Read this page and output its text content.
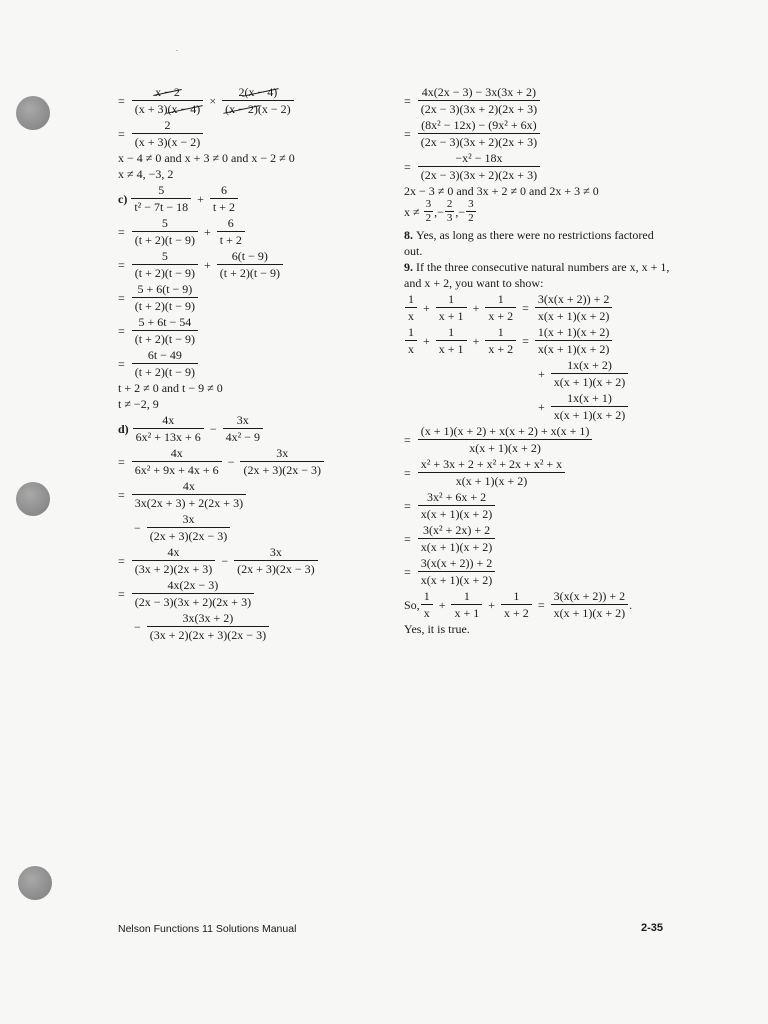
= $\frac{x - 2}{(x + 3)(x - 4)} \times \frac{2(x - 4)}{(x - 2)(x - 2)}$
= $\frac{2}{(x + 3)(x - 2)}$
x − 4 ≠ 0 and x + 3 ≠ 0 and x − 2 ≠ 0
x ≠ 4, −3, 2
c)
5
t² − 7t − 18
+ $\frac{6}{t + 2}$
= $\frac{5}{(t + 2)(t - 9)} + \frac{6}{t + 2}$
= $\frac{5}{(t + 2)(t - 9)} + \frac{6(t - 9)}{(t + 2)(t - 9)}$
= $\frac{5 + 6(t - 9)}{(t + 2)(t - 9)}$
= $\frac{5 + 6t - 54}{(t + 2)(t - 9)}$
= $\frac{6t - 49}{(t + 2)(t - 9)}$
t + 2 ≠ 0 and t − 9 ≠ 0
t ≠ −2, 9
d)
4x
6x² + 13x + 6
− $\frac{3x}{\text{4x² − 9}}$
= $\frac{4x}{\text{6x² + 9x + 4x + 6}} - \frac{3x}{(2x + 3)(2x - 3)}$
= $\frac{4x}{3x(2x + 3) + 2(2x + 3)}$
− $\frac{3x}{(2x + 3)(2x - 3)}$
= $\frac{4x}{(3x + 2)(2x + 3)} - \frac{3x}{(2x + 3)(2x - 3)}$
= $\frac{4x(2x - 3)}{(2x - 3)(3x + 2)(2x + 3)}$
− $\frac{3x(3x + 2)}{(3x + 2)(2x + 3)(2x - 3)}$
= $\frac{4x(2x - 3) - 3x(3x + 2)}{(2x - 3)(3x + 2)(2x + 3)}$
= $\frac{\text{(8x² − 12x) − (9x² + 6x)}}{(2x - 3)(3x + 2)(2x + 3)}$
= $\frac{\text{−x² − 18x}}{(2x - 3)(3x + 2)(2x + 3)}$
2x − 3 ≠ 0 and 3x + 2 ≠ 0 and 2x + 3 ≠ 0
x ≠

3
2 , − $\frac{2}{3}$ , − $\frac{3}{2}$
8. Yes, as long as there were no restrictions factored out.
9. If the three consecutive natural numbers are x, x + 1, and x + 2, you want to show:
1
x
+ $\frac{1}{x + 1} + \frac{1}{x + 2} = \frac{3(x(x + 2)) + 2}{x(x + 1)(x + 2)}$
1
x
+ $\frac{1}{x + 1} + \frac{1}{x + 2} = \frac{1(x + 1)(x + 2)}{x(x + 1)(x + 2)}$
+ $\frac{1x(x + 2)}{x(x + 1)(x + 2)}$
+ $\frac{1x(x + 1)}{x(x + 1)(x + 2)}$
= $\frac{(x + 1)(x + 2) + x(x + 2) + x(x + 1)}{x(x + 1)(x + 2)}$
= $\frac{\text{x² + 3x + 2 + x² + 2x + x² + x}}{x(x + 1)(x + 2)}$
= $\frac{\text{3x² + 6x + 2}}{x(x + 1)(x + 2)}$
= $\frac{\text{3(x² + 2x) + 2}}{x(x + 1)(x + 2)}$
= $\frac{3(x(x + 2)) + 2}{x(x + 1)(x + 2)}$
So,
1
x
+ $\frac{1}{x + 1} + \frac{1}{x + 2} = \frac{3(x(x + 2)) + 2}{x(x + 1)(x + 2)}$ .
Yes, it is true.
Nelson Functions 11 Solutions Manual	2-35
